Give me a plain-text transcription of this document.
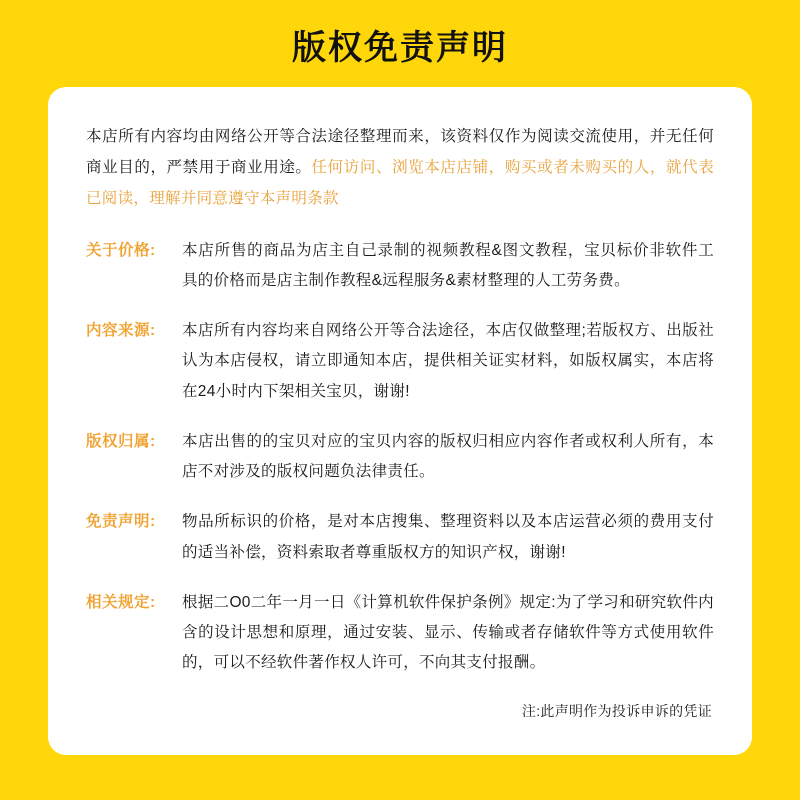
版权免责声明
本店所有内容均由网络公开等合法途径整理而来，该资料仅作为阅读交流使用，并无任何商业目的，严禁用于商业用途。任何访问、浏览本店店铺，购买或者未购买的人，就代表已阅读，理解并同意遵守本声明条款
关于价格:	本店所售的商品为店主自己录制的视频教程&图文教程，宝贝标价非软件工具的价格而是店主制作教程&远程服务&素材整理的人工劳务费。
内容来源:	本店所有内容均来自网络公开等合法途径，本店仅做整理;若版权方、出版社认为本店侵权，请立即通知本店，提供相关证实材料，如版权属实，本店将在24小时内下架相关宝贝，谢谢!
版权归属:	本店出售的的宝贝对应的宝贝内容的版权归相应内容作者或权利人所有，本店不对涉及的版权问题负法律责任。
免责声明:	物品所标识的价格，是对本店搜集、整理资料以及本店运营必须的费用支付的适当补偿，资料索取者尊重版权方的知识产权，谢谢!
相关规定:	根据二O0二年一月一日《计算机软件保护条例》规定:为了学习和研究软件内含的设计思想和原理，通过安装、显示、传输或者存储软件等方式使用软件的，可以不经软件著作权人许可，不向其支付报酬。
注:此声明作为投诉申诉的凭证
